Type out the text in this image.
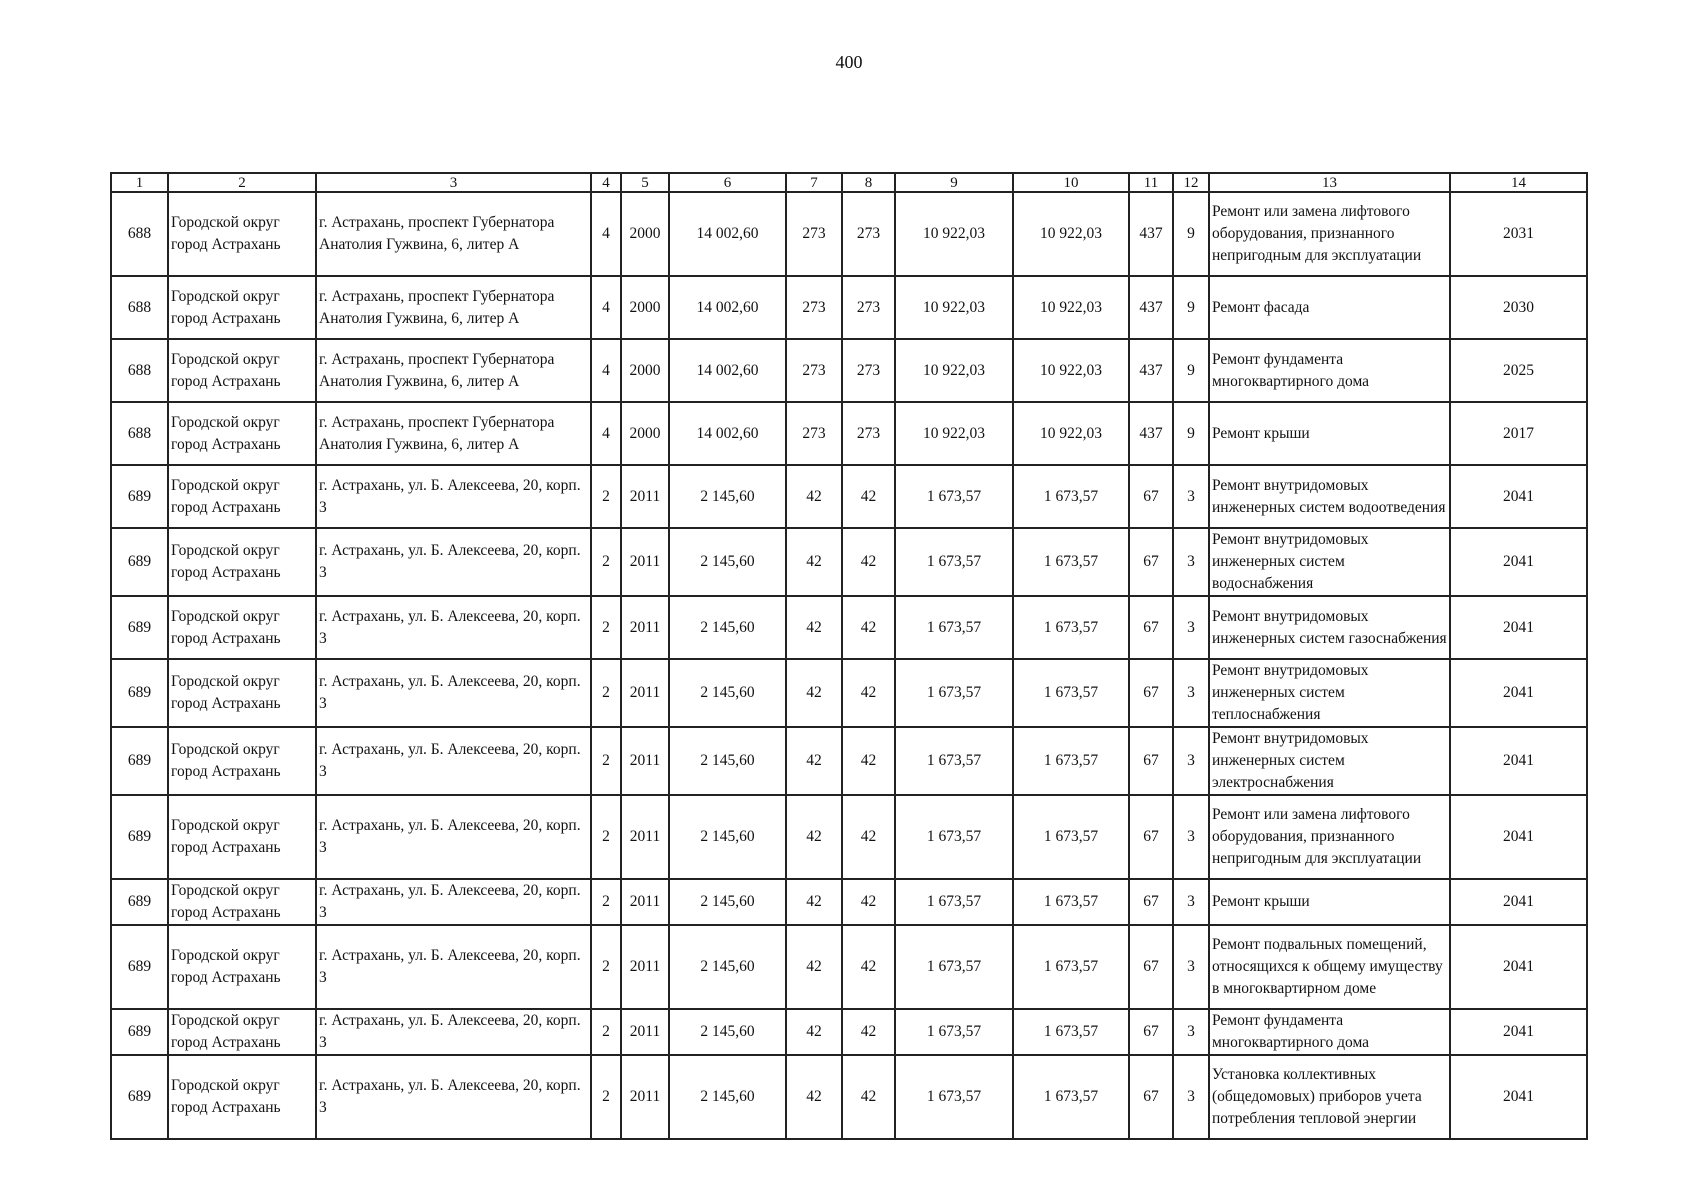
400
1	2	3	4	5	6	7	8	9	10	11	12	13	14
688	Городской округ город Астрахань	г. Астрахань, проспект Губернатора Анатолия Гужвина, 6, литер А	4	2000	14 002,60	273	273	10 922,03	10 922,03	437	9	Ремонт или замена лифтового оборудования, признанного непригодным для эксплуатации	2031
688	Городской округ город Астрахань	г. Астрахань, проспект Губернатора Анатолия Гужвина, 6, литер А	4	2000	14 002,60	273	273	10 922,03	10 922,03	437	9	Ремонт фасада	2030
688	Городской округ город Астрахань	г. Астрахань, проспект Губернатора Анатолия Гужвина, 6, литер А	4	2000	14 002,60	273	273	10 922,03	10 922,03	437	9	Ремонт фундамента многоквартирного дома	2025
688	Городской округ город Астрахань	г. Астрахань, проспект Губернатора Анатолия Гужвина, 6, литер А	4	2000	14 002,60	273	273	10 922,03	10 922,03	437	9	Ремонт крыши	2017
689	Городской округ город Астрахань	г. Астрахань, ул. Б. Алексеева, 20, корп. 3	2	2011	2 145,60	42	42	1 673,57	1 673,57	67	3	Ремонт внутридомовых инженерных систем водоотведения	2041
689	Городской округ город Астрахань	г. Астрахань, ул. Б. Алексеева, 20, корп. 3	2	2011	2 145,60	42	42	1 673,57	1 673,57	67	3	Ремонт внутридомовых инженерных систем водоснабжения	2041
689	Городской округ город Астрахань	г. Астрахань, ул. Б. Алексеева, 20, корп. 3	2	2011	2 145,60	42	42	1 673,57	1 673,57	67	3	Ремонт внутридомовых инженерных систем газоснабжения	2041
689	Городской округ город Астрахань	г. Астрахань, ул. Б. Алексеева, 20, корп. 3	2	2011	2 145,60	42	42	1 673,57	1 673,57	67	3	Ремонт внутридомовых инженерных систем теплоснабжения	2041
689	Городской округ город Астрахань	г. Астрахань, ул. Б. Алексеева, 20, корп. 3	2	2011	2 145,60	42	42	1 673,57	1 673,57	67	3	Ремонт внутридомовых инженерных систем электроснабжения	2041
689	Городской округ город Астрахань	г. Астрахань, ул. Б. Алексеева, 20, корп. 3	2	2011	2 145,60	42	42	1 673,57	1 673,57	67	3	Ремонт или замена лифтового оборудования, признанного непригодным для эксплуатации	2041
689	Городской округ город Астрахань	г. Астрахань, ул. Б. Алексеева, 20, корп. 3	2	2011	2 145,60	42	42	1 673,57	1 673,57	67	3	Ремонт крыши	2041
689	Городской округ город Астрахань	г. Астрахань, ул. Б. Алексеева, 20, корп. 3	2	2011	2 145,60	42	42	1 673,57	1 673,57	67	3	Ремонт подвальных помещений, относящихся к общему имуществу в многоквартирном доме	2041
689	Городской округ город Астрахань	г. Астрахань, ул. Б. Алексеева, 20, корп. 3	2	2011	2 145,60	42	42	1 673,57	1 673,57	67	3	Ремонт фундамента многоквартирного дома	2041
689	Городской округ город Астрахань	г. Астрахань, ул. Б. Алексеева, 20, корп. 3	2	2011	2 145,60	42	42	1 673,57	1 673,57	67	3	Установка коллективных (общедомовых) приборов учета потребления тепловой энергии	2041
